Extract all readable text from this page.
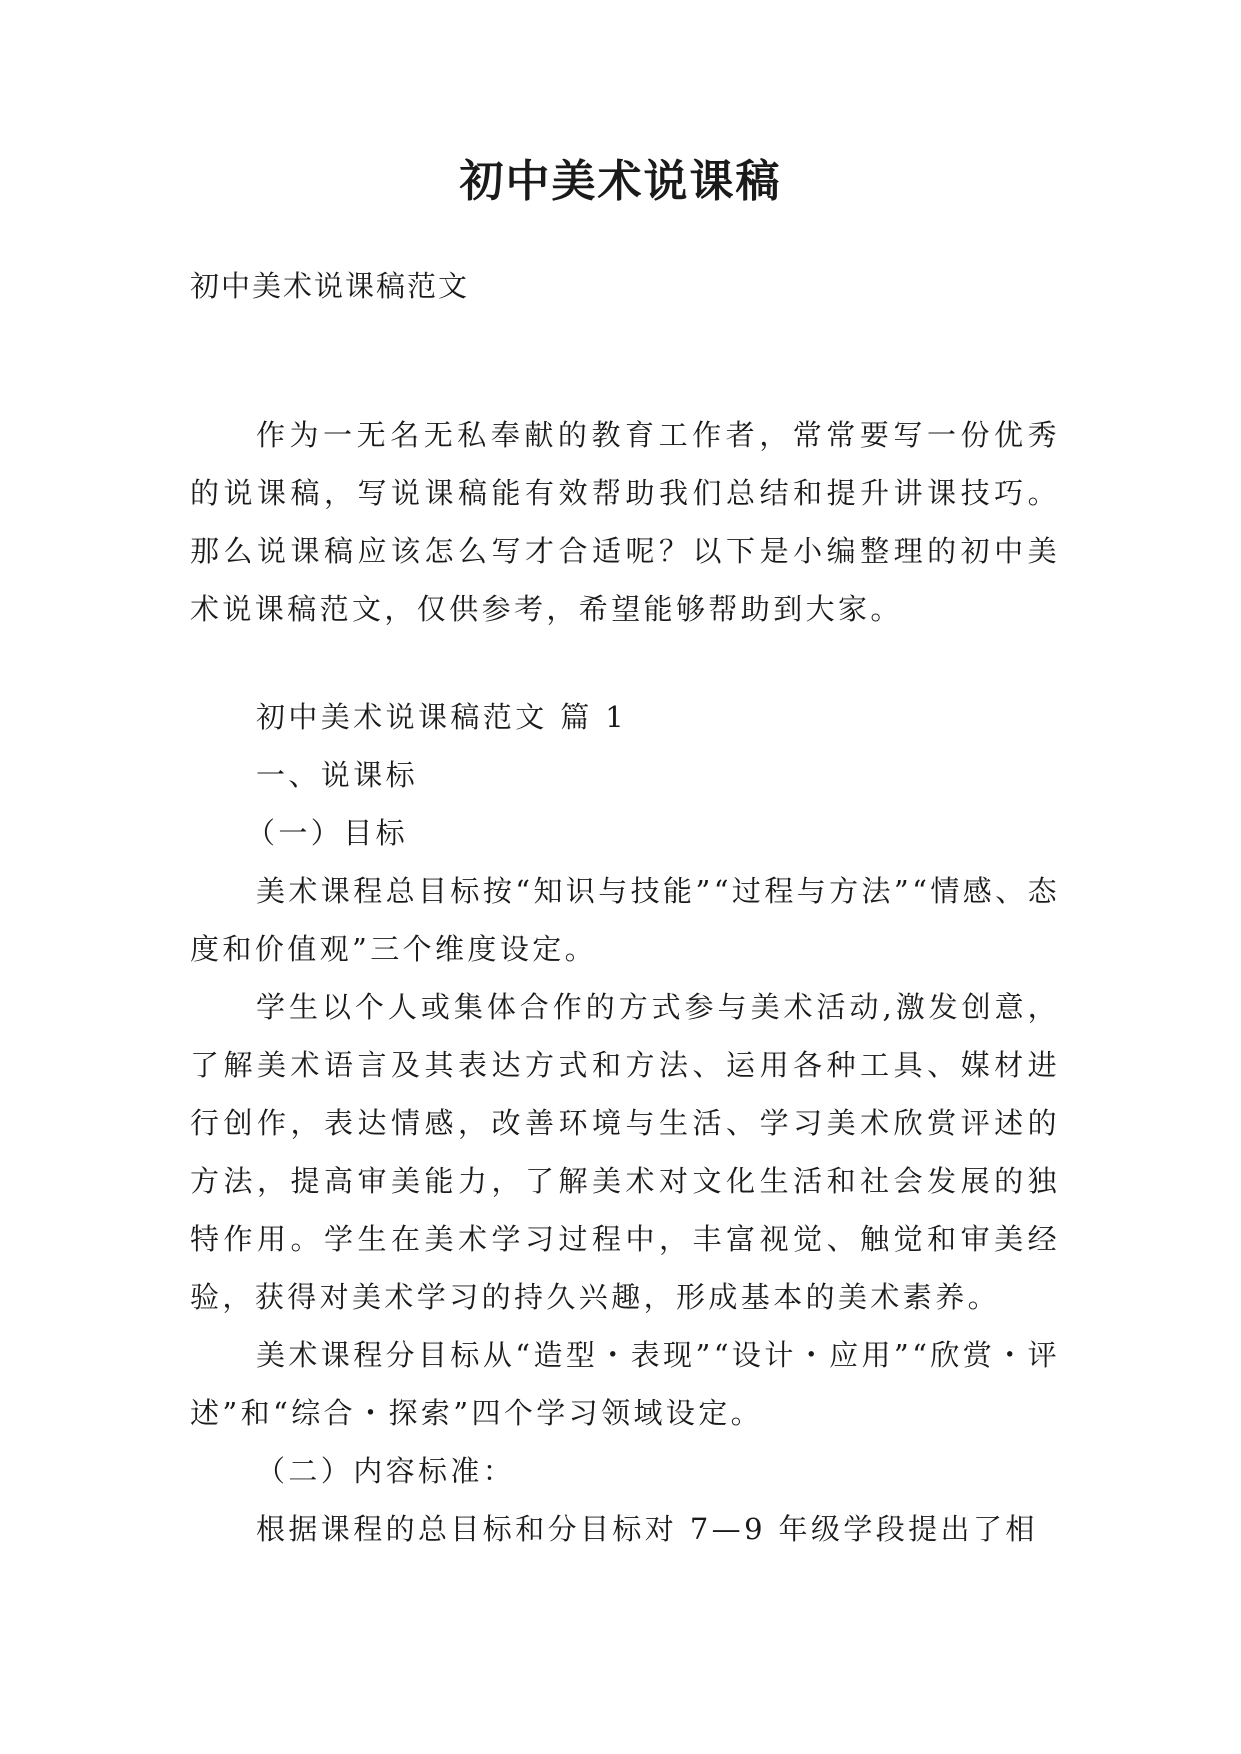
初中美术说课稿
初中美术说课稿范文

作为一无名无私奉献的教育工作者，常常要写一份优秀的说课稿，写说课稿能有效帮助我们总结和提升讲课技巧。那么说课稿应该怎么写才合适呢？以下是小编整理的初中美术说课稿范文，仅供参考，希望能够帮助到大家。

初中美术说课稿范文 篇 1

一、说课标

（一）目标

美术课程总目标按“知识与技能”“过程与方法”“情感、态度和价值观”三个维度设定。

学生以个人或集体合作的方式参与美术活动,激发创意，了解美术语言及其表达方式和方法、运用各种工具、媒材进行创作，表达情感，改善环境与生活、学习美术欣赏评述的方法，提高审美能力，了解美术对文化生活和社会发展的独特作用。学生在美术学习过程中，丰富视觉、触觉和审美经验，获得对美术学习的持久兴趣，形成基本的美术素养。

美术课程分目标从“造型・表现”“设计・应用”“欣赏・评述”和“综合・探索”四个学习领域设定。

（二）内容标准：

根据课程的总目标和分目标对 7—9 年级学段提出了相
